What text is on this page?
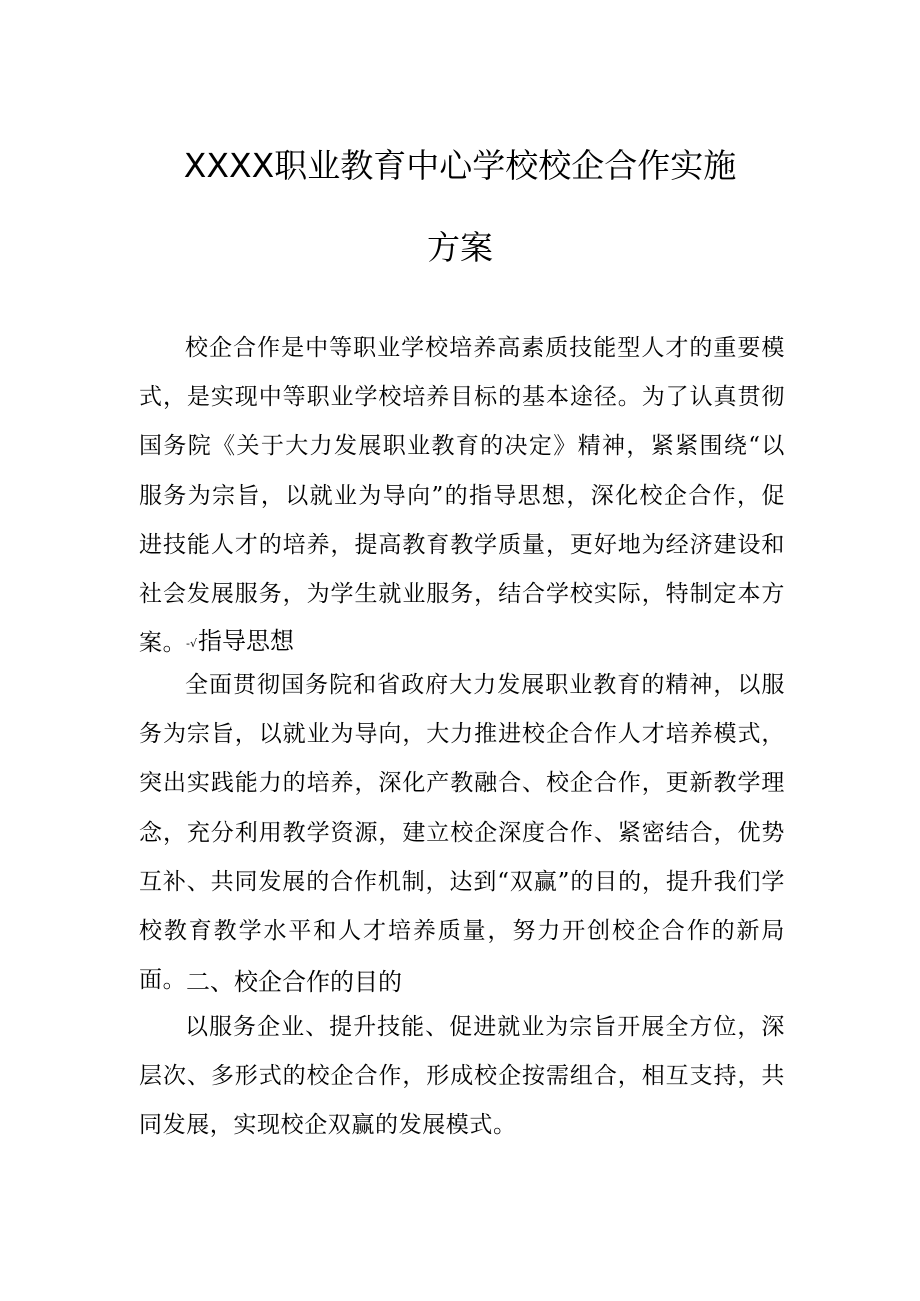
XXXX职业教育中心学校校企合作实施
方案

校企合作是中等职业学校培养高素质技能型人才的重要模式，是实现中等职业学校培养目标的基本途径。为了认真贯彻国务院《关于大力发展职业教育的决定》精神，紧紧围绕“以服务为宗旨，以就业为导向”的指导思想，深化校企合作，促进技能人才的培养，提高教育教学质量，更好地为经济建设和社会发展服务，为学生就业服务，结合学校实际，特制定本方案。 -√指导思想

全面贯彻国务院和省政府大力发展职业教育的精神，以服务为宗旨，以就业为导向，大力推进校企合作人才培养模式，突出实践能力的培养，深化产教融合、校企合作，更新教学理念，充分利用教学资源，建立校企深度合作、紧密结合，优势互补、共同发展的合作机制，达到“双赢”的目的，提升我们学校教育教学水平和人才培养质量，努力开创校企合作的新局面。 二、校企合作的目的

以服务企业、提升技能、促进就业为宗旨开展全方位，深层次、多形式的校企合作，形成校企按需组合，相互支持，共同发展，实现校企双赢的发展模式。
